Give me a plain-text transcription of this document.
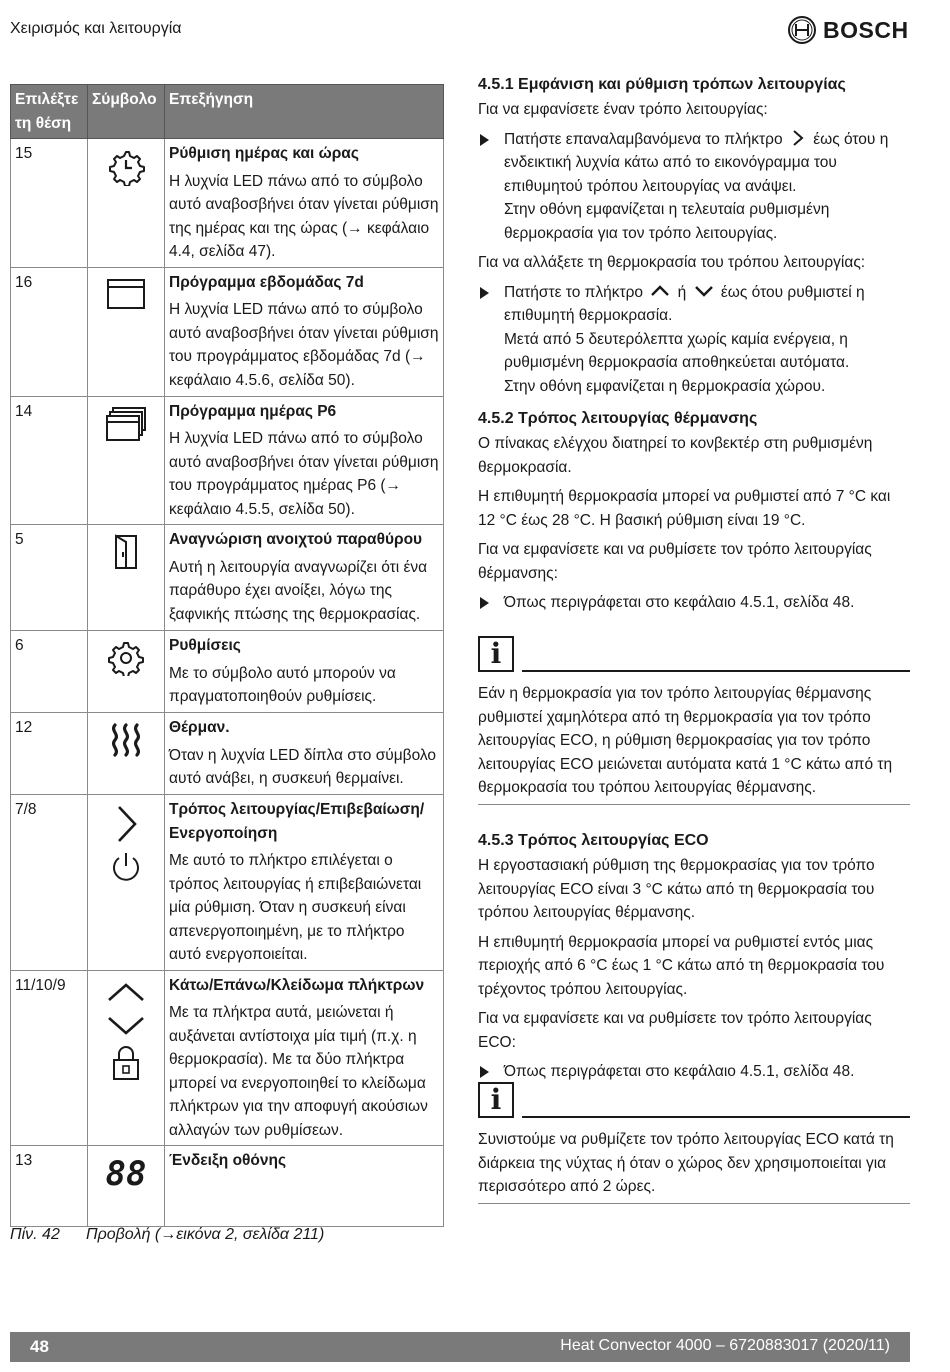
Χειρισμός και λειτουργία	BOSCH
Επιλέξτε τη θέση	Σύμβολο	Επεξήγηση
15		Ρύθμιση ημέρας και ώρας

Η λυχνία LED πάνω από το σύμβολο αυτό αναβοσβήνει όταν γίνεται ρύθμιση της ημέρας και της ώρας (→ κεφάλαιο 4.4, σελίδα 47).

16		Πρόγραμμα εβδομάδας 7d

Η λυχνία LED πάνω από το σύμβολο αυτό αναβοσβήνει όταν γίνεται ρύθμιση του προγράμματος εβδομάδας 7d (→ κεφάλαιο 4.5.6, σελίδα 50).

14		Πρόγραμμα ημέρας P6

Η λυχνία LED πάνω από το σύμβολο αυτό αναβοσβήνει όταν γίνεται ρύθμιση του προγράμματος ημέρας P6 (→ κεφάλαιο 4.5.5, σελίδα 50).

5		Αναγνώριση ανοιχτού παραθύρου

Αυτή η λειτουργία αναγνωρίζει ότι ένα παράθυρο έχει ανοίξει, λόγω της ξαφνικής πτώσης της θερμοκρασίας.

6		Ρυθμίσεις

Με το σύμβολο αυτό μπορούν να πραγματοποιηθούν ρυθμίσεις.

12		Θέρμαν.

Όταν η λυχνία LED δίπλα στο σύμβολο αυτό ανάβει, η συσκευή θερμαίνει.

7/8		Τρόπος λειτουργίας/Επιβεβαίωση/ Ενεργοποίηση

Με αυτό το πλήκτρο επιλέγεται ο τρόπος λειτουργίας ή επιβεβαιώνεται μία ρύθμιση. Όταν η συσκευή είναι απενεργοποιημένη, με το πλήκτρο αυτό ενεργοποιείται.

11/10/9		Κάτω/Επάνω/Κλείδωμα πλήκτρων

Με τα πλήκτρα αυτά, μειώνεται ή αυξάνεται αντίστοιχα μία τιμή (π.χ. η θερμοκρασία). Με τα δύο πλήκτρα μπορεί να ενεργοποιηθεί το κλείδωμα πλήκτρων για την αποφυγή ακούσιων αλλαγών των ρυθμίσεων.

13	88	Ένδειξη οθόνης

Πίν. 42 Προβολή (→εικόνα 2, σελίδα 211)
4.5.1 Εμφάνιση και ρύθμιση τρόπων λειτουργίας

Για να εμφανίσετε έναν τρόπο λειτουργίας:

Πατήστε επαναλαμβανόμενα το πλήκτρο έως ότου η ενδεικτική λυχνία κάτω από το εικονόγραμμα του επιθυμητού τρόπου λειτουργίας να ανάψει.

Στην οθόνη εμφανίζεται η τελευταία ρυθμισμένη θερμοκρασία για τον τρόπο λειτουργίας.

Για να αλλάξετε τη θερμοκρασία του τρόπου λειτουργίας:

Πατήστε το πλήκτρο ή έως ότου ρυθμιστεί η επιθυμητή θερμοκρασία.

Μετά από 5 δευτερόλεπτα χωρίς καμία ενέργεια, η ρυθμισμένη θερμοκρασία αποθηκεύεται αυτόματα.

Στην οθόνη εμφανίζεται η θερμοκρασία χώρου.

4.5.2 Τρόπος λειτουργίας θέρμανσης

Ο πίνακας ελέγχου διατηρεί το κονβεκτέρ στη ρυθμισμένη θερμοκρασία.

Η επιθυμητή θερμοκρασία μπορεί να ρυθμιστεί από 7 °C και 12 °C έως 28 °C. Η βασική ρύθμιση είναι 19 °C.

Για να εμφανίσετε και να ρυθμίσετε τον τρόπο λειτουργίας θέρμανσης:

Όπως περιγράφεται στο κεφάλαιο 4.5.1, σελίδα 48.

i
Εάν η θερμοκρασία για τον τρόπο λειτουργίας θέρμανσης ρυθμιστεί χαμηλότερα από τη θερμοκρασία για τον τρόπο λειτουργίας ECO, η ρύθμιση θερμοκρασίας για τον τρόπο λειτουργίας ECO μειώνεται αυτόματα κατά 1 °C κάτω από τη θερμοκρασία του τρόπου λειτουργίας θέρμανσης.
4.5.3 Τρόπος λειτουργίας ECO

Η εργοστασιακή ρύθμιση της θερμοκρασίας για τον τρόπο λειτουργίας ECO είναι 3 °C κάτω από τη θερμοκρασία του τρόπου λειτουργίας θέρμανσης.

Η επιθυμητή θερμοκρασία μπορεί να ρυθμιστεί εντός μιας περιοχής από 6 °C έως 1 °C κάτω από τη θερμοκρασία του τρέχοντος τρόπου λειτουργίας.

Για να εμφανίσετε και να ρυθμίσετε τον τρόπο λειτουργίας ECO:

Όπως περιγράφεται στο κεφάλαιο 4.5.1, σελίδα 48.

i
Συνιστούμε να ρυθμίζετε τον τρόπο λειτουργίας ECO κατά τη διάρκεια της νύχτας ή όταν ο χώρος δεν χρησιμοποιείται για περισσότερο από 2 ώρες.
48	Heat Convector 4000 – 6720883017 (2020/11)
